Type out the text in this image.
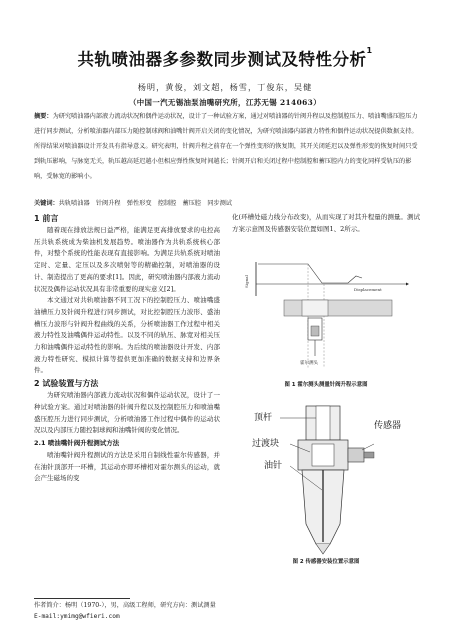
共轨喷油器多参数同步测试及特性分析$^1$
杨明，黄俊，刘文超，杨雪，丁俊东，吴健
（中国一汽无锡油泵油嘴研究所，江苏无锡 214063）
摘要：为研究喷油器内部液力流动状况和偶件运动状况，设计了一种试验方案，通过对喷油器的针阀升程以及控制腔压力、喷油嘴盛压腔压力进行同步测试，分析喷油器内部压力随控制球阀和油嘴针阀开启关闭的变化情况，为研究喷油器内部液力特性和偶件运动状况提供数据支持。所得结果对喷油器设计开发具有指导意义。研究表明，针阀升程之前存在一个弹性变形的恢复期，其开关闭延迟以及弹性形变的恢复时间只受到轨压影响，与脉宽无关，轨压越高延迟越小但相应弹性恢复时间越长；针阀开启和关闭过程中控制腔和蓄压腔内力的变化同样受轨压的影响，受脉宽的影响小。
关键词：共轨喷油器　针阀升程　弹性形变　控制腔　蓄压腔　同步测试
1 前言

随着现在排放法规日益严格，能满足更高排放要求的电控高压共轨系统成为柴油机发展趋势。喷油器作为共轨系统核心部件，对整个系统的性能表现有直接影响。为满足共轨系统对喷油定时、定量、定压以及多次喷射等的精确控制，对喷油器的设计、制造提出了更高的要求[1]。因此，研究喷油器内部液力流动状况及偶件运动状况具有非常重要的现实意义[2]。

本文通过对共轨喷油器不同工况下的控制腔压力、喷油嘴盛油槽压力及针阀升程进行同步测试，对比控制腔压力波形、盛油槽压力波形与针阀升程曲线的关系，分析喷油器工作过程中相关液力特性及油嘴偶件运动特性。以及不同的轨压、脉宽对相关压力和油嘴偶件运动特性的影响。为后续的喷油器设计开发、内部液力特性研究、模拟计算等提供更加准确的数据支持和边界条件。

2 试验装置与方法

为研究喷油器内部液力流动状况和偶件运动状况，设计了一种试验方案。通过对喷油器的针阀升程以及控制腔压力和喷油嘴盛压腔压力进行同步测试，分析喷油器工作过程中偶件的运动状况以及内部压力随控制球阀和油嘴针阀的变化情况。

2.1 喷油嘴针阀升程测试方法

喷油嘴针阀升程测试的方法是采用自制线性霍尔传感器，并在油针顶部开一环槽，其运动亦即环槽相对霍尔测头的运动，就会产生磁场的变

化(环槽处磁力线分布改变)，从而实现了对其升程量的测量。测试方案示意图及传感器安装位置如图1、2所示。

Signal
Displacement
霍尔测头
图 1 霍尔测头测量针阀升程示意图
顶杆
传感器
过渡块
油针
图 2 传感器安装位置示意图
作者简介：杨明（1970-），男，高级工程师，研究方向：测试测量
E-mail:ymimg@wfieri.com
